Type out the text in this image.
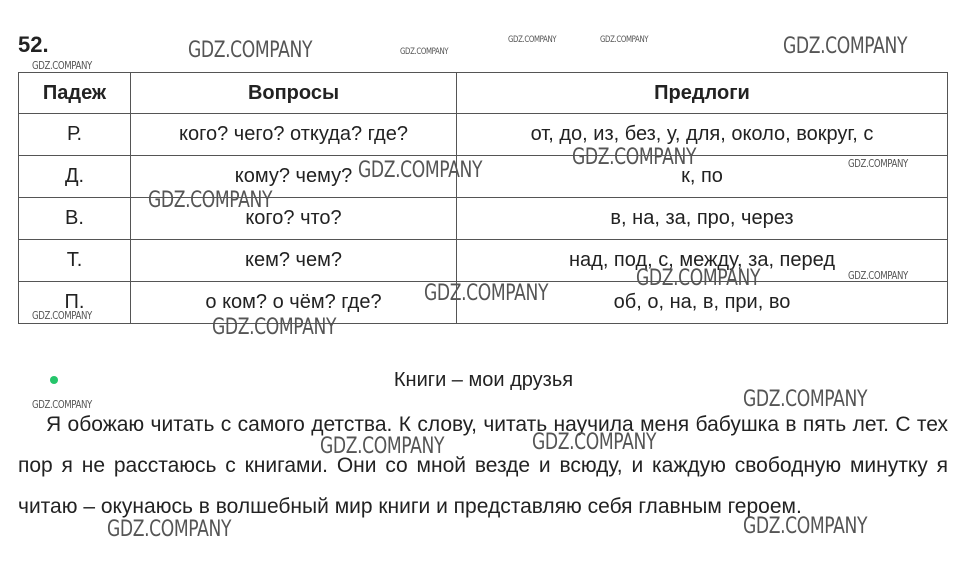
52.
Падеж	Вопросы	Предлоги
Р.	кого? чего? откуда? где?	от, до, из, без, у, для, около, вокруг, с
Д.	кому? чему?	к, по
В.	кого? что?	в, на, за, про, через
Т.	кем? чем?	над, под, с, между, за, перед
П.	о ком? о чём? где?	об, о, на, в, при, во
Книги – мои друзья

Я обожаю читать с самого детства. К слову, читать научила меня бабушка в пять лет. С тех пор я не расстаюсь с книгами. Они со мной везде и всюду, и каждую свободную минутку я читаю – окунаюсь в волшебный мир книги и представляю себя главным героем.

GDZ.COMPANY	GDZ.COMPANY
GDZ.COMPANY	GDZ.COMPANY	GDZ.COMPANY
GDZ.COMPANY
GDZ.COMPANY	GDZ.COMPANY
GDZ.COMPANY
GDZ.COMPANY
GDZ.COMPANY	GDZ.COMPANY
GDZ.COMPANY
GDZ.COMPANY	GDZ.COMPANY
GDZ.COMPANY	GDZ.COMPANY
GDZ.COMPANY
GDZ.COMPANY
GDZ.COMPANY
GDZ.COMPANY
